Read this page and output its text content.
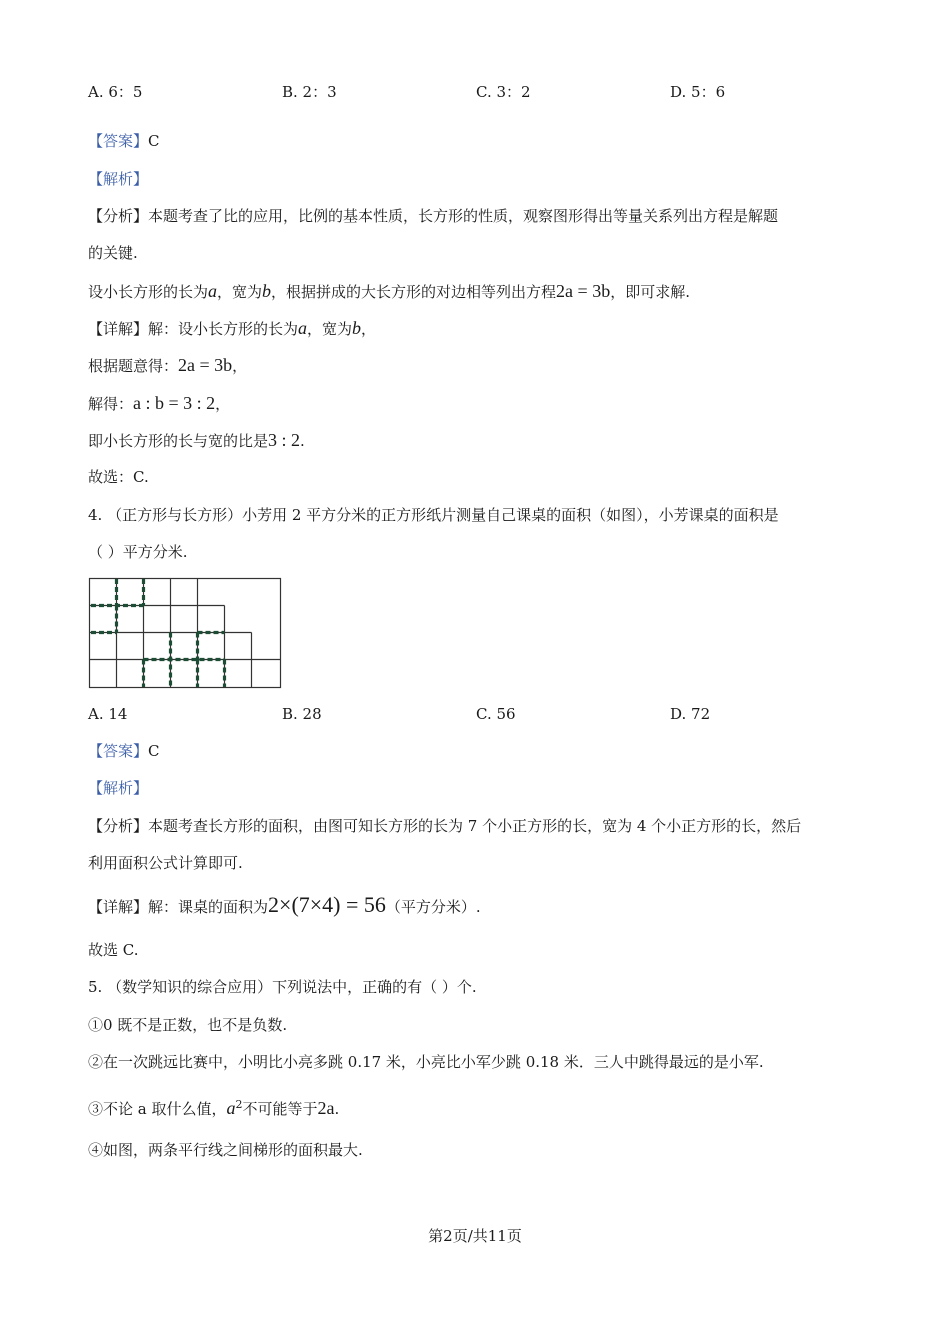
A. 6：5	B. 2：3	C. 3：2	D. 5：6
【答案】C
【解析】
【分析】本题考查了比的应用，比例的基本性质，长方形的性质，观察图形得出等量关系列出方程是解题
的关键.
设小长方形的长为a，宽为b，根据拼成的大长方形的对边相等列出方程2a = 3b，即可求解.
【详解】解：设小长方形的长为a，宽为b，
根据题意得：2a = 3b，
解得：a : b = 3 : 2，
即小长方形的长与宽的比是3 : 2.
故选：C.
4. （正方形与长方形）小芳用 2 平方分米的正方形纸片测量自己课桌的面积（如图），小芳课桌的面积是
（ ）平方分米.
A. 14	B. 28	C. 56	D. 72
【答案】C
【解析】
【分析】本题考查长方形的面积，由图可知长方形的长为 7 个小正方形的长，宽为 4 个小正方形的长，然后
利用面积公式计算即可.
【详解】解：课桌的面积为2×(7×4) = 56（平方分米）.
故选 C.
5. （数学知识的综合应用）下列说法中，正确的有（ ）个.
①0 既不是正数，也不是负数.
②在一次跳远比赛中，小明比小亮多跳 0.17 米，小亮比小军少跳 0.18 米．三人中跳得最远的是小军.
③不论 a 取什么值，$a^2$不可能等于2a.
④如图，两条平行线之间梯形的面积最大.
第2页/共11页
